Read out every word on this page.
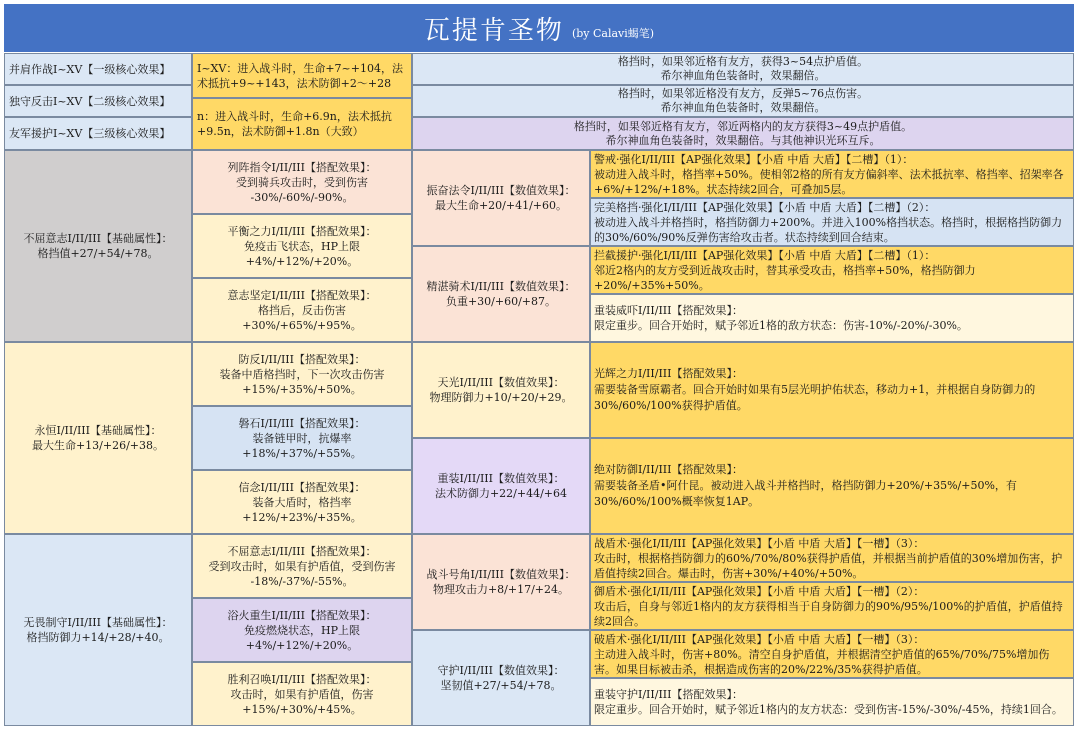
瓦提肯圣物 (by Calavi蝎笔)
并肩作战I~XV【一级核心效果】
独守反击I~XV【二级核心效果】
友军援护I~XV【三级核心效果】
I~XV：进入战斗时，生命+7~+104，法术抵抗+9~+143，法术防御+2～+28
n：进入战斗时，生命+6.9n，法术抵抗+9.5n，法术防御+1.8n（大致）
格挡时，如果邻近格有友方，获得3~54点护盾值。
希尔神血角色装备时，效果翻倍。
格挡时，如果邻近格没有友方，反弹5~76点伤害。
希尔神血角色装备时，效果翻倍。
格挡时，如果邻近格有友方，邻近两格内的友方获得3~49点护盾值。
希尔神血角色装备时，效果翻倍。与其他神识光环互斥。
不屈意志I/II/III【基础属性】：
格挡值+27/+54/+78。
列阵指令I/II/III【搭配效果】：
受到骑兵攻击时，受到伤害
-30%/-60%/-90%。
平衡之力I/II/III【搭配效果】：
免疫击飞状态，HP上限
+4%/+12%/+20%。
意志坚定I/II/III【搭配效果】：
格挡后，反击伤害
+30%/+65%/+95%。
振奋法令I/II/III【数值效果】：
最大生命+20/+41/+60。
精湛骑术I/II/III【数值效果】：
负重+30/+60/+87。
警戒·强化I/II/III【AP强化效果】【小盾 中盾 大盾】【二槽】（1）：
被动进入战斗时，格挡率+50%。使相邻2格的所有友方偏斜率、法术抵抗率、格挡率、招架率各+6%/+12%/+18%。状态持续2回合，可叠加5层。
完美格挡·强化I/II/III【AP强化效果】【小盾 中盾 大盾】【二槽】（2）：
被动进入战斗并格挡时，格挡防御力+200%。并进入100%格挡状态。格挡时，根据格挡防御力的30%/60%/90%反弹伤害给攻击者。状态持续到回合结束。
拦截援护·强化I/II/III【AP强化效果】【小盾 中盾 大盾】【二槽】（1）：
邻近2格内的友方受到近战攻击时，替其承受攻击，格挡率+50%，格挡防御力+20%/+35%+50%。
重装威吓I/II/III【搭配效果】：
限定重步。回合开始时，赋予邻近1格的敌方状态：伤害-10%/-20%/-30%。
永恒I/II/III【基础属性】：
最大生命+13/+26/+38。
防反I/II/III【搭配效果】：
装备中盾格挡时，下一次攻击伤害
+15%/+35%/+50%。
磐石I/II/III【搭配效果】：
装备链甲时，抗爆率+18%/+37%/+55%。
信念I/II/III【搭配效果】：
装备大盾时，格挡率+12%/+23%/+35%。
天光I/II/III【数值效果】：
物理防御力+10/+20/+29。
重装I/II/III【数值效果】：
法术防御力+22/+44/+64
光辉之力I/II/III【搭配效果】：
需要装备雪原霸者。回合开始时如果有5层光明护佑状态，移动力+1，并根据自身防御力的30%/60%/100%获得护盾值。
绝对防御I/II/III【搭配效果】：
需要装备圣盾•阿什昆。被动进入战斗并格挡时，格挡防御力+20%/+35%/+50%，有30%/60%/100%概率恢复1AP。
无畏制守I/II/III【基础属性】：
格挡防御力+14/+28/+40。
不屈意志I/II/III【搭配效果】：
受到攻击时，如果有护盾值，受到伤害
-18%/-37%/-55%。
浴火重生I/II/III【搭配效果】：
免疫燃烧状态，HP上限
+4%/+12%/+20%。
胜利召唤I/II/III【搭配效果】：
攻击时，如果有护盾值，伤害
+15%/+30%/+45%。
战斗号角I/II/III【数值效果】：
物理攻击力+8/+17/+24。
守护I/II/III【数值效果】：
坚韧值+27/+54/+78。
战盾术·强化I/II/III【AP强化效果】【小盾 中盾 大盾】【一槽】（3）：
攻击时，根据格挡防御力的60%/70%/80%获得护盾值，并根据当前护盾值的30%增加伤害，护盾值持续2回合。爆击时，伤害+30%/+40%/+50%。
御盾术·强化I/II/III【AP强化效果】【小盾 中盾 大盾】【一槽】（2）：
攻击后，自身与邻近1格内的友方获得相当于自身防御力的90%/95%/100%的护盾值，护盾值持续2回合。
破盾术·强化I/II/III【AP强化效果】【小盾 中盾 大盾】【一槽】（3）：
主动进入战斗时，伤害+80%。清空自身护盾值，并根据清空护盾值的65%/70%/75%增加伤害。如果目标被击杀，根据造成伤害的20%/22%/35%获得护盾值。
重装守护I/II/III【搭配效果】：
限定重步。回合开始时，赋予邻近1格内的友方状态：受到伤害-15%/-30%/-45%，持续1回合。
